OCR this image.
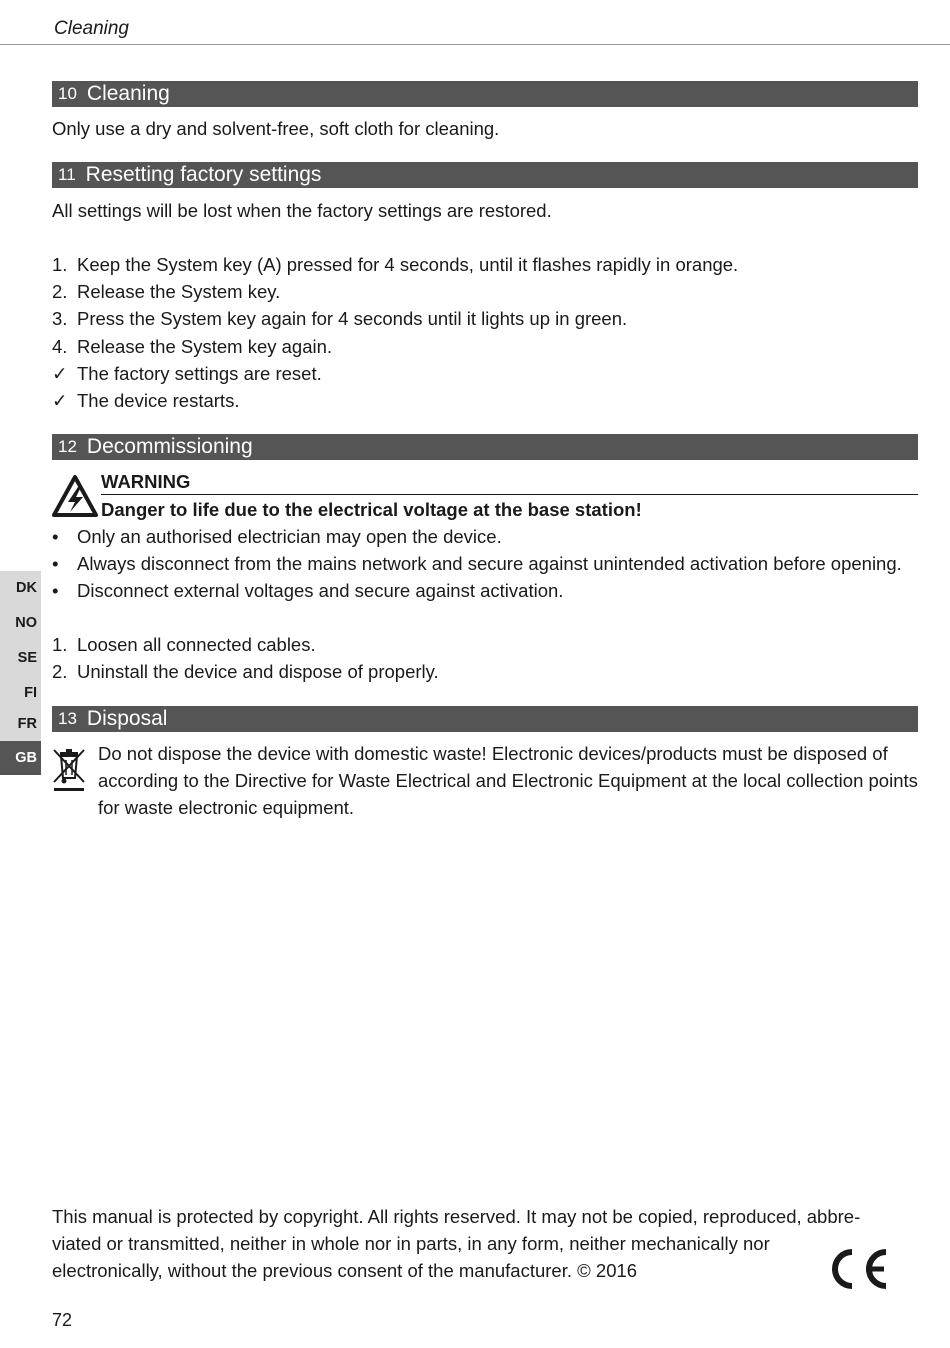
Cleaning
10 Cleaning
Only use a dry and solvent-free, soft cloth for cleaning.
11 Resetting factory settings
All settings will be lost when the factory settings are restored.
1. Keep the System key (A) pressed for 4 seconds, until it flashes rapidly in orange.
2. Release the System key.
3. Press the System key again for 4 seconds until it lights up in green.
4. Release the System key again.
✓ The factory settings are reset.
✓ The device restarts.
12 Decommissioning
WARNING
Danger to life due to the electrical voltage at the base station!
• Only an authorised electrician may open the device.
• Always disconnect from the mains network and secure against unintended activation before opening.
• Disconnect external voltages and secure against activation.
1. Loosen all connected cables.
2. Uninstall the device and dispose of properly.
13 Disposal
Do not dispose the device with domestic waste! Electronic devices/products must be disposed of according to the Directive for Waste Electrical and Electronic Equipment at the local collection points for waste electronic equipment.
DK
NO
SE
FI
FR
GB
This manual is protected by copyright. All rights reserved. It may not be copied, reproduced, abbre-
viated or transmitted, neither in whole nor in parts, in any form, neither mechanically nor
electronically, without the previous consent of the manufacturer. © 2016
72
